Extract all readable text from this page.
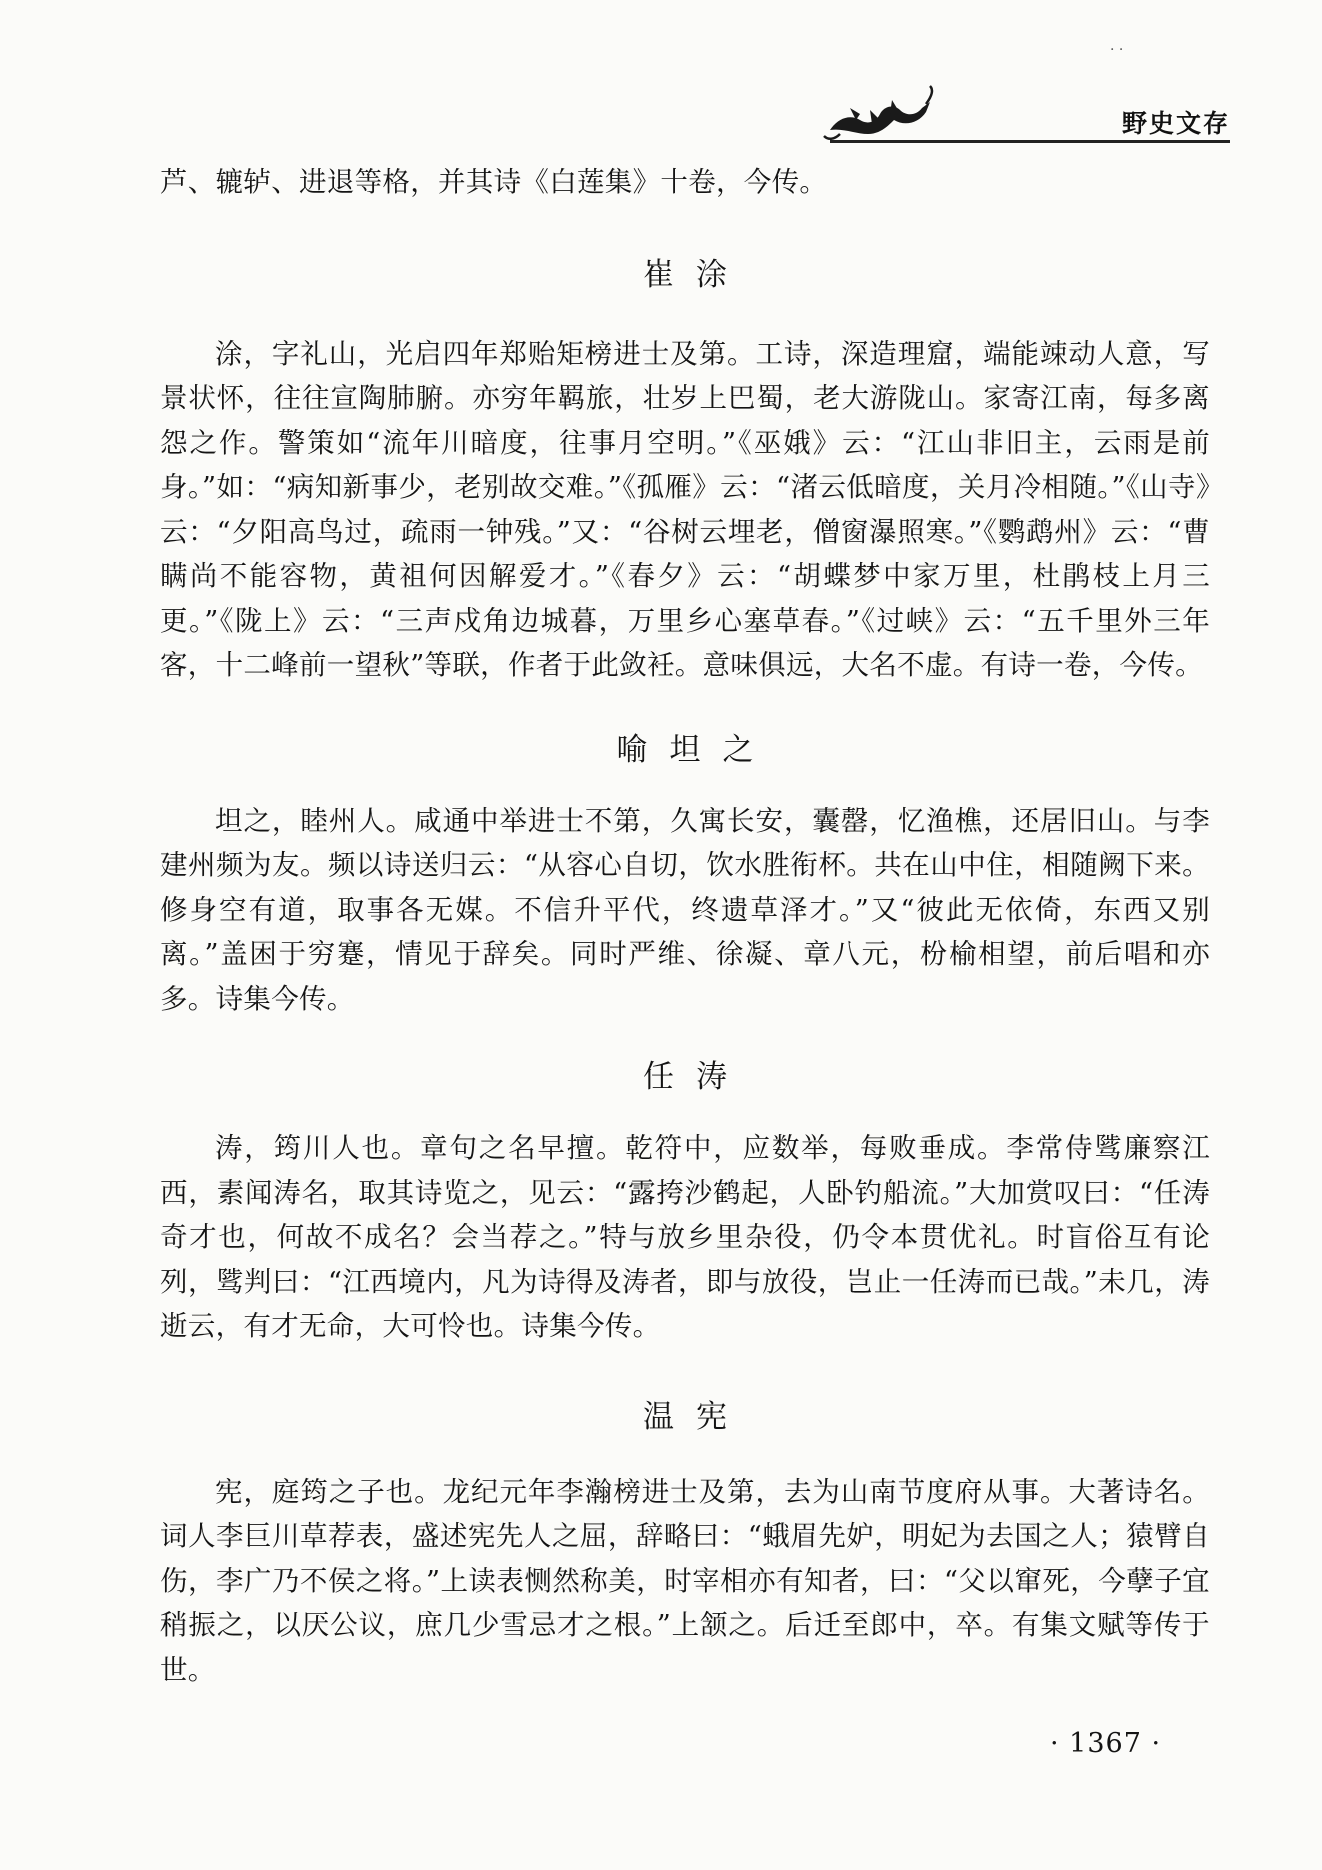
· ·
野史文存

芦、辘轳、进退等格，并其诗《白莲集》十卷，今传。

崔涂

涂，字礼山，光启四年郑贻矩榜进士及第。工诗，深造理窟，端能竦动人意，写景状怀，往往宣陶肺腑。亦穷年羁旅，壮岁上巴蜀，老大游陇山。家寄江南，每多离怨之作。警策如“流年川暗度，往事月空明。”《巫娥》云：“江山非旧主，云雨是前身。”如：“病知新事少，老别故交难。”《孤雁》云：“渚云低暗度，关月冷相随。”《山寺》云：“夕阳高鸟过，疏雨一钟残。”又：“谷树云埋老，僧窗瀑照寒。”《鹦鹉州》云：“曹瞒尚不能容物，黄祖何因解爱才。”《春夕》云：“胡蝶梦中家万里，杜鹃枝上月三更。”《陇上》云：“三声戍角边城暮，万里乡心塞草春。”《过峡》云：“五千里外三年客，十二峰前一望秋”等联，作者于此敛衽。意味俱远，大名不虚。有诗一卷，今传。

喻坦之

坦之，睦州人。咸通中举进士不第，久寓长安，囊罄，忆渔樵，还居旧山。与李建州频为友。频以诗送归云：“从容心自切，饮水胜衔杯。共在山中住，相随阙下来。修身空有道，取事各无媒。不信升平代，终遗草泽才。”又“彼此无依倚，东西又别离。”盖困于穷蹇，情见于辞矣。同时严维、徐凝、章八元，枌榆相望，前后唱和亦多。诗集今传。

任涛

涛，筠川人也。章句之名早擅。乾符中，应数举，每败垂成。李常侍骘廉察江西，素闻涛名，取其诗览之，见云：“露挎沙鹤起，人卧钓船流。”大加赏叹曰：“任涛奇才也，何故不成名？会当荐之。”特与放乡里杂役，仍令本贯优礼。时盲俗互有论列，骘判曰：“江西境内，凡为诗得及涛者，即与放役，岂止一任涛而已哉。”未几，涛逝云，有才无命，大可怜也。诗集今传。

温宪

宪，庭筠之子也。龙纪元年李瀚榜进士及第，去为山南节度府从事。大著诗名。词人李巨川草荐表，盛述宪先人之屈，辞略曰：“蛾眉先妒，明妃为去国之人；猿臂自伤，李广乃不侯之将。”上读表恻然称美，时宰相亦有知者，曰：“父以窜死，今孽子宜稍振之，以厌公议，庶几少雪忌才之根。”上颔之。后迁至郎中，卒。有集文赋等传于世。

· 1367 ·
